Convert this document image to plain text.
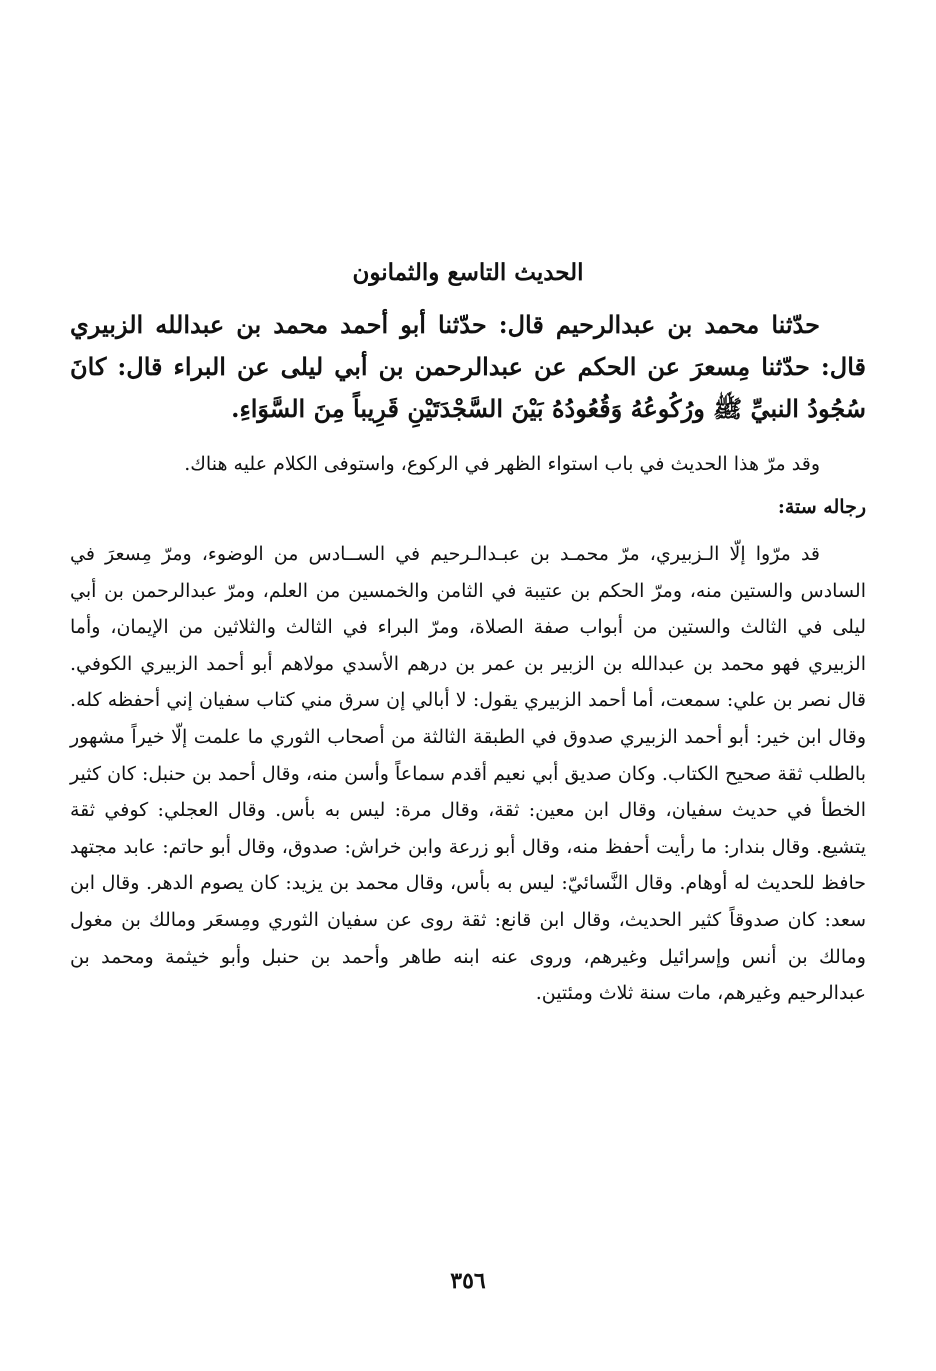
الحديث التاسع والثمانون

حدّثنا محمد بن عبدالرحيم قال: حدّثنا أبو أحمد محمد بن عبدالله الزبيري قال: حدّثنا مِسعرَ عن الحكم عن عبدالرحمن بن أبي ليلى عن البراء قال: كانَ سُجُودُ النبيِّ ﷺ ورُكُوعُهُ وَقُعُودُهُ بَيْنَ السَّجْدَتَيْنِ قَرِيباً مِنَ السَّوَاءِ.

وقد مرّ هذا الحديث في باب استواء الظهر في الركوع، واستوفى الكلام عليه هناك.

رجاله ستة:

قد مرّوا إلّا الـزبيري، مرّ محمـد بن عبـدالـرحيم في الســادس من الوضوء، ومرّ مِسعرَ في السادس والستين منه، ومرّ الحكم بن عتيبة في الثامن والخمسين من العلم، ومرّ عبدالرحمن بن أبي ليلى في الثالث والستين من أبواب صفة الصلاة، ومرّ البراء في الثالث والثلاثين من الإيمان، وأما الزبيري فهو محمد بن عبدالله بن الزبير بن عمر بن درهم الأسدي مولاهم أبو أحمد الزبيري الكوفي. قال نصر بن علي: سمعت، أما أحمد الزبيري يقول: لا أبالي إن سرق مني كتاب سفيان إني أحفظه كله. وقال ابن خير: أبو أحمد الزبيري صدوق في الطبقة الثالثة من أصحاب الثوري ما علمت إلّا خيراً مشهور بالطلب ثقة صحيح الكتاب. وكان صديق أبي نعيم أقدم سماعاً وأسن منه، وقال أحمد بن حنبل: كان كثير الخطأ في حديث سفيان، وقال ابن معين: ثقة، وقال مرة: ليس به بأس. وقال العجلي: كوفي ثقة يتشيع. وقال بندار: ما رأيت أحفظ منه، وقال أبو زرعة وابن خراش: صدوق، وقال أبو حاتم: عابد مجتهد حافظ للحديث له أوهام. وقال النَّسائيّ: ليس به بأس، وقال محمد بن يزيد: كان يصوم الدهر. وقال ابن سعد: كان صدوقاً كثير الحديث، وقال ابن قانع: ثقة روى عن سفيان الثوري ومِسعَر ومالك بن مغول ومالك بن أنس وإسرائيل وغيرهم، وروى عنه ابنه طاهر وأحمد بن حنبل وأبو خيثمة ومحمد بن عبدالرحيم وغيرهم، مات سنة ثلاث ومئتين.

٣٥٦
